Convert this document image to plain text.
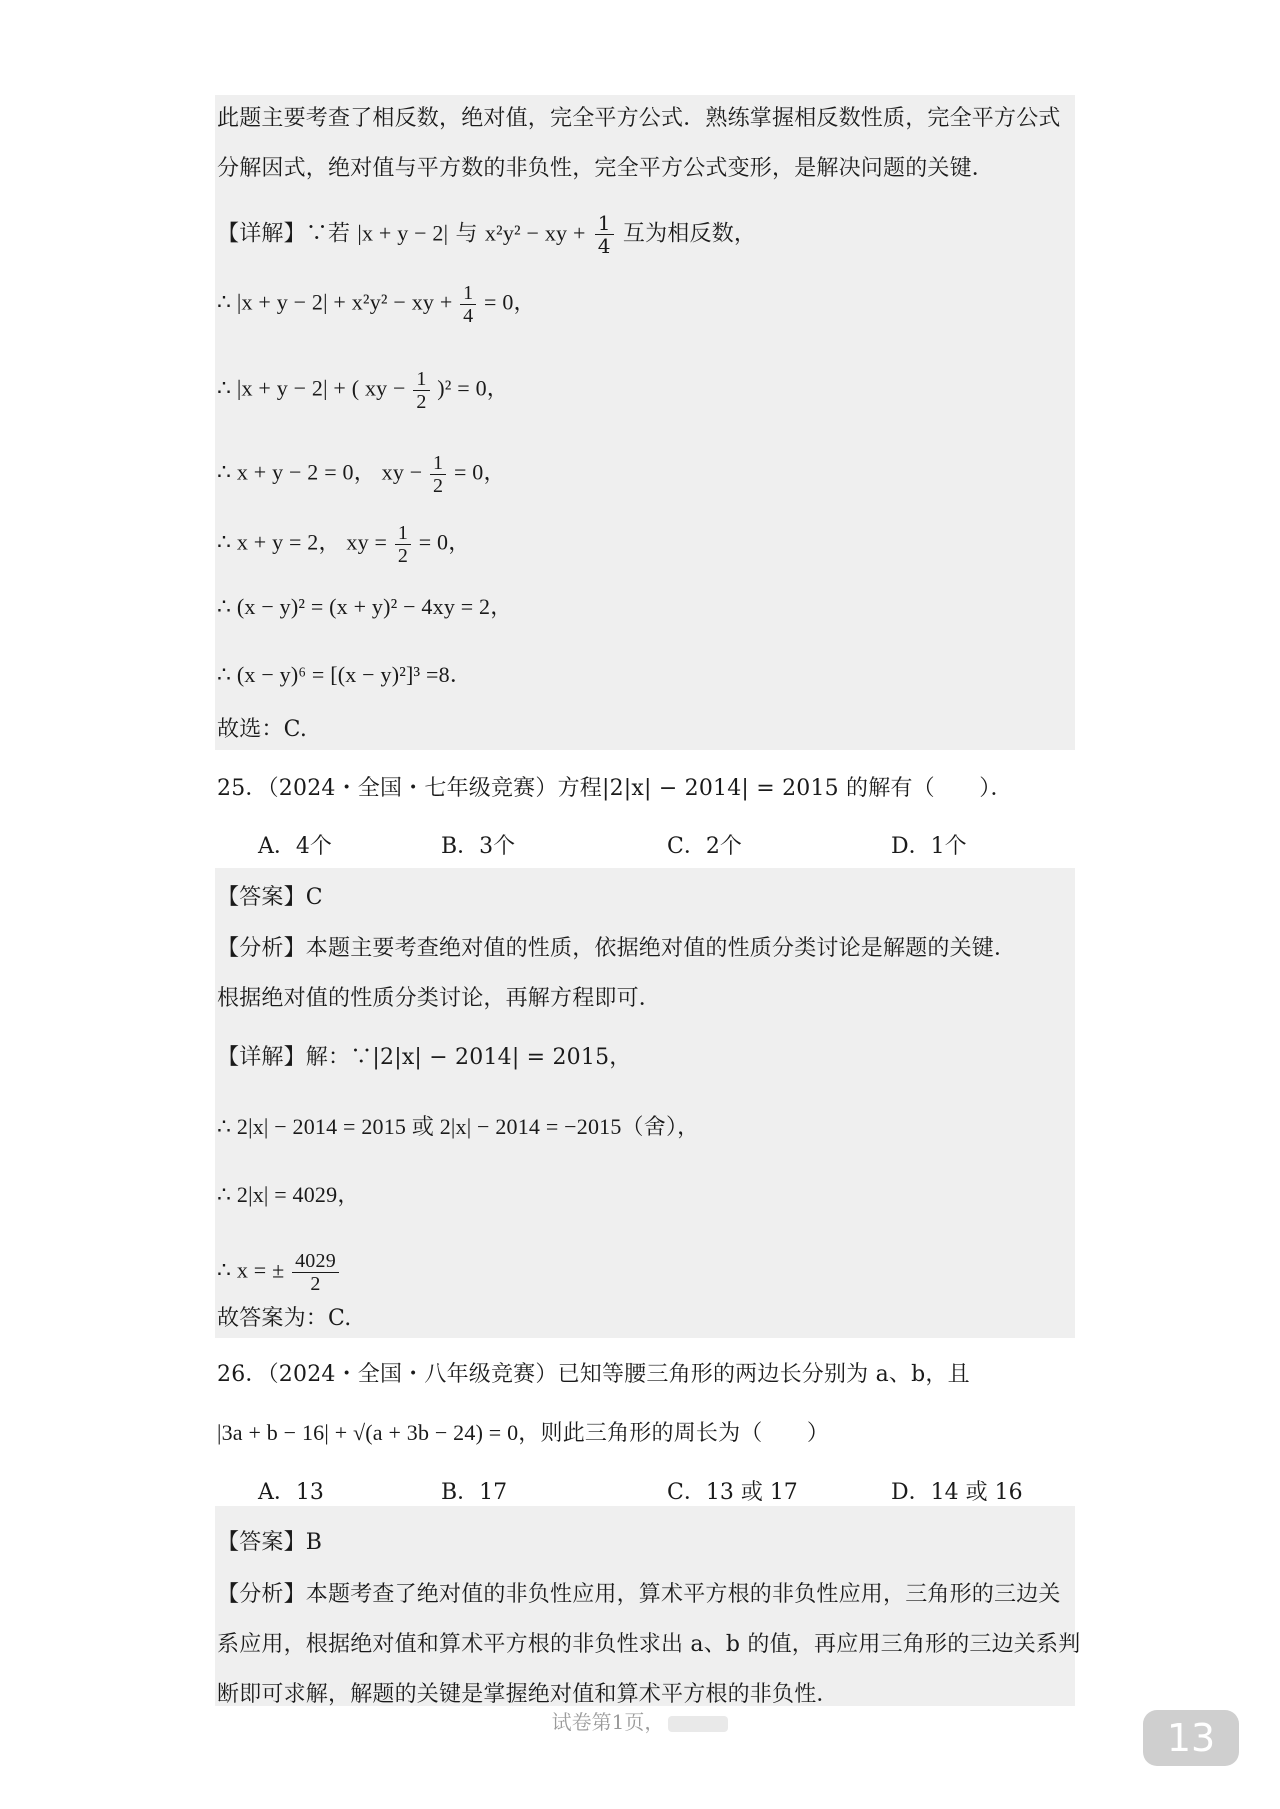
此题主要考查了相反数，绝对值，完全平方公式．熟练掌握相反数性质，完全平方公式
分解因式，绝对值与平方数的非负性，完全平方公式变形，是解决问题的关键．
【详解】∵若 |x + y − 2| 与 x²y² − xy + $\frac{1}{4}$ 互为相反数，
∴ |x + y − 2| + x²y² − xy + $\frac{1}{4} = 0$，
∴ |x + y − 2| + ( xy − $\frac{1}{2} )^2 = 0$，
∴ x + y − 2 = 0， xy − $\frac{1}{2} = 0$，
∴ x + y = 2， xy = $\frac{1}{2} = 0$，
∴ (x − y)² = (x + y)² − 4xy = 2，
∴ (x − y)⁶ = [(x − y)²]³ =8．
故选：C.
25．（2024・全国・七年级竞赛）方程|2|x| − 2014| = 2015 的解有（　　）．
A．4个	B．3个	C．2个	D．1个
【答案】C
【分析】本题主要考查绝对值的性质，依据绝对值的性质分类讨论是解题的关键．
根据绝对值的性质分类讨论，再解方程即可．
【详解】解：∵|2|x| − 2014| = 2015，
∴ 2|x| − 2014 = 2015 或 2|x| − 2014 = −2015（舍），
∴ 2|x| = 4029，
∴ x = ± $\frac{4029}{2}$
故答案为：C.
26．（2024・全国・八年级竞赛）已知等腰三角形的两边长分别为 a、b，且
|3a + b − 16| + √(a + 3b − 24) = 0，则此三角形的周长为（　　）
A．13	B．17	C．13 或 17	D．14 或 16
【答案】B
【分析】本题考查了绝对值的非负性应用，算术平方根的非负性应用，三角形的三边关
系应用，根据绝对值和算术平方根的非负性求出 a、b 的值，再应用三角形的三边关系判
断即可求解，解题的关键是掌握绝对值和算术平方根的非负性．
试卷第1页，	13
